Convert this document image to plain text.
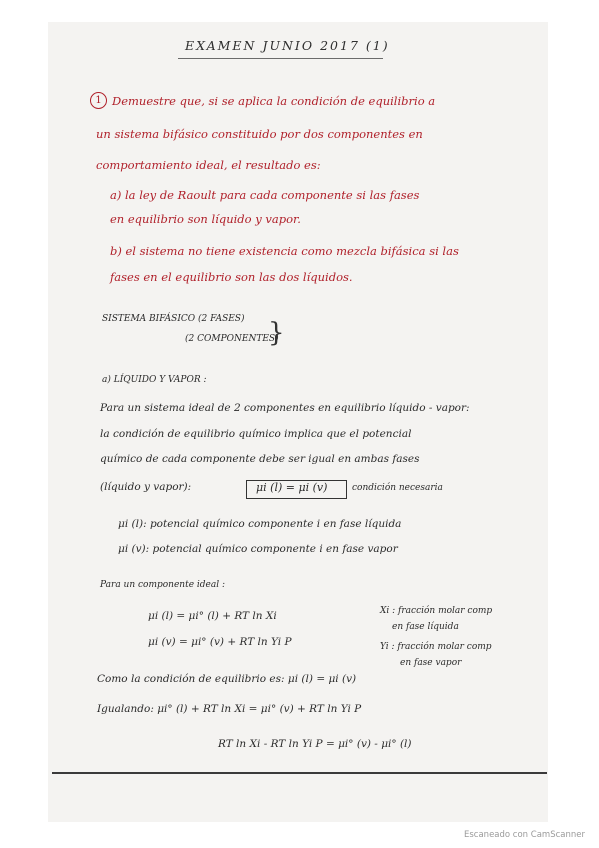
EXAMEN JUNIO 2017 (1)
1 Demuestre que, si se aplica la condición de equilibrio a
un sistema bifásico constituido por dos componentes en
comportamiento ideal, el resultado es:
a) la ley de Raoult para cada componente si las fases
en equilibrio son líquido y vapor.
b) el sistema no tiene existencia como mezcla bifásica si las
fases en el equilibrio son las dos líquidos.
SISTEMA BIFÁSICO (2 FASES)
(2 COMPONENTES)
}
a) LÍQUIDO Y VAPOR :
Para un sistema ideal de 2 componentes en equilibrio líquido - vapor:
la condición de equilibrio químico implica que el potencial
químico de cada componente debe ser igual en ambas fases
(líquido y vapor):	μi (l) = μi (v)	condición necesaria
μi (l): potencial químico componente i en fase líquida
μi (v): potencial químico componente i en fase vapor
Para un componente ideal :
μi (l) = μi° (l) + RT ln Xi
μi (v) = μi° (v) + RT ln Yi P
Xi : fracción molar comp
en fase líquida
Yi : fracción molar comp
en fase vapor
Como la condición de equilibrio es: μi (l) = μi (v)
Igualando: μi° (l) + RT ln Xi = μi° (v) + RT ln Yi P
RT ln Xi - RT ln Yi P = μi° (v) - μi° (l)
Escaneado con CamScanner
